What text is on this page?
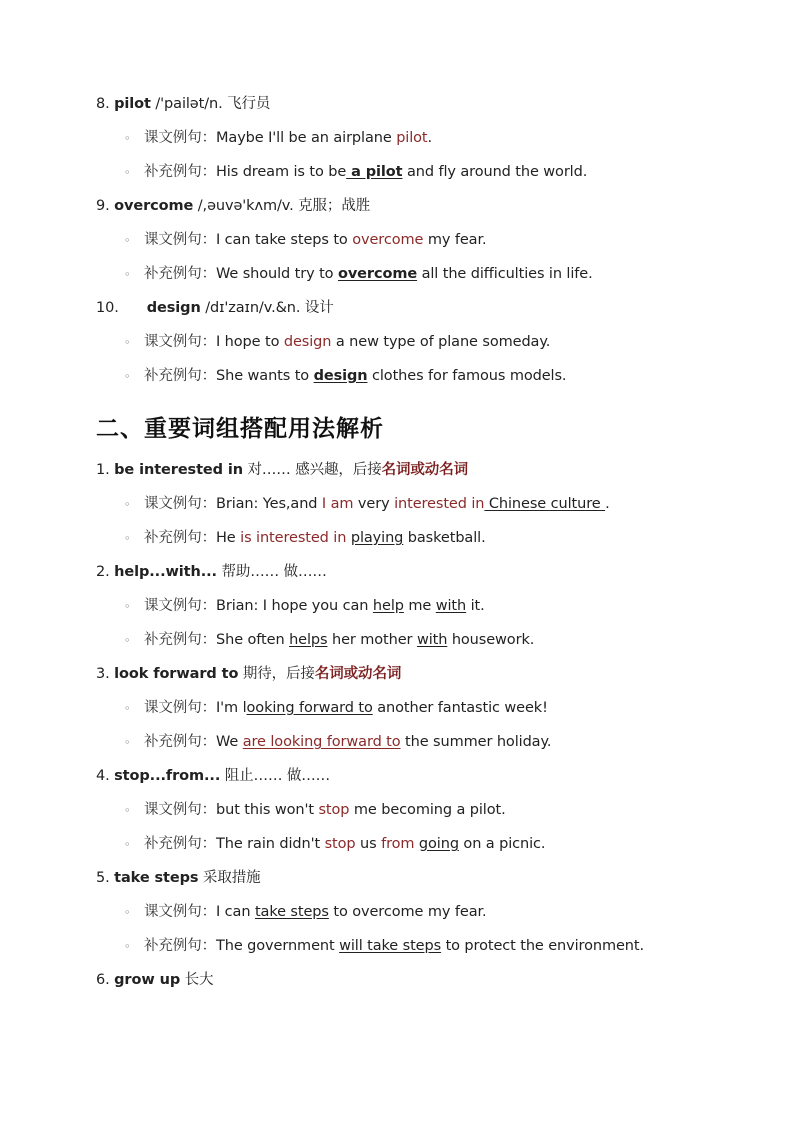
8. pilot /'pailət/n. 飞行员
◦ 课文例句：Maybe I'll be an airplane pilot.
◦ 补充例句：His dream is to be a pilot and fly around the world.
9. overcome /,əuvə'kʌm/v. 克服；战胜
◦ 课文例句：I can take steps to overcome my fear.
◦ 补充例句：We should try to overcome all the difficulties in life.
10. design /dɪ'zaɪn/v.&n. 设计
◦ 课文例句：I hope to design a new type of plane someday.
◦ 补充例句：She wants to design clothes for famous models.
二、重要词组搭配用法解析
1. be interested in 对…… 感兴趣，后接名词或动名词
◦ 课文例句：Brian: Yes,and I am very interested in Chinese culture .
◦ 补充例句：He is interested in playing basketball.
2. help...with... 帮助…… 做……
◦ 课文例句：Brian: I hope you can help me with it.
◦ 补充例句：She often helps her mother with housework.
3. look forward to 期待，后接名词或动名词
◦ 课文例句：I'm looking forward to another fantastic week!
◦ 补充例句：We are looking forward to the summer holiday.
4. stop...from... 阻止…… 做……
◦ 课文例句：but this won't stop me becoming a pilot.
◦ 补充例句：The rain didn't stop us from going on a picnic.
5. take steps 采取措施
◦ 课文例句：I can take steps to overcome my fear.
◦ 补充例句：The government will take steps to protect the environment.
6. grow up 长大
